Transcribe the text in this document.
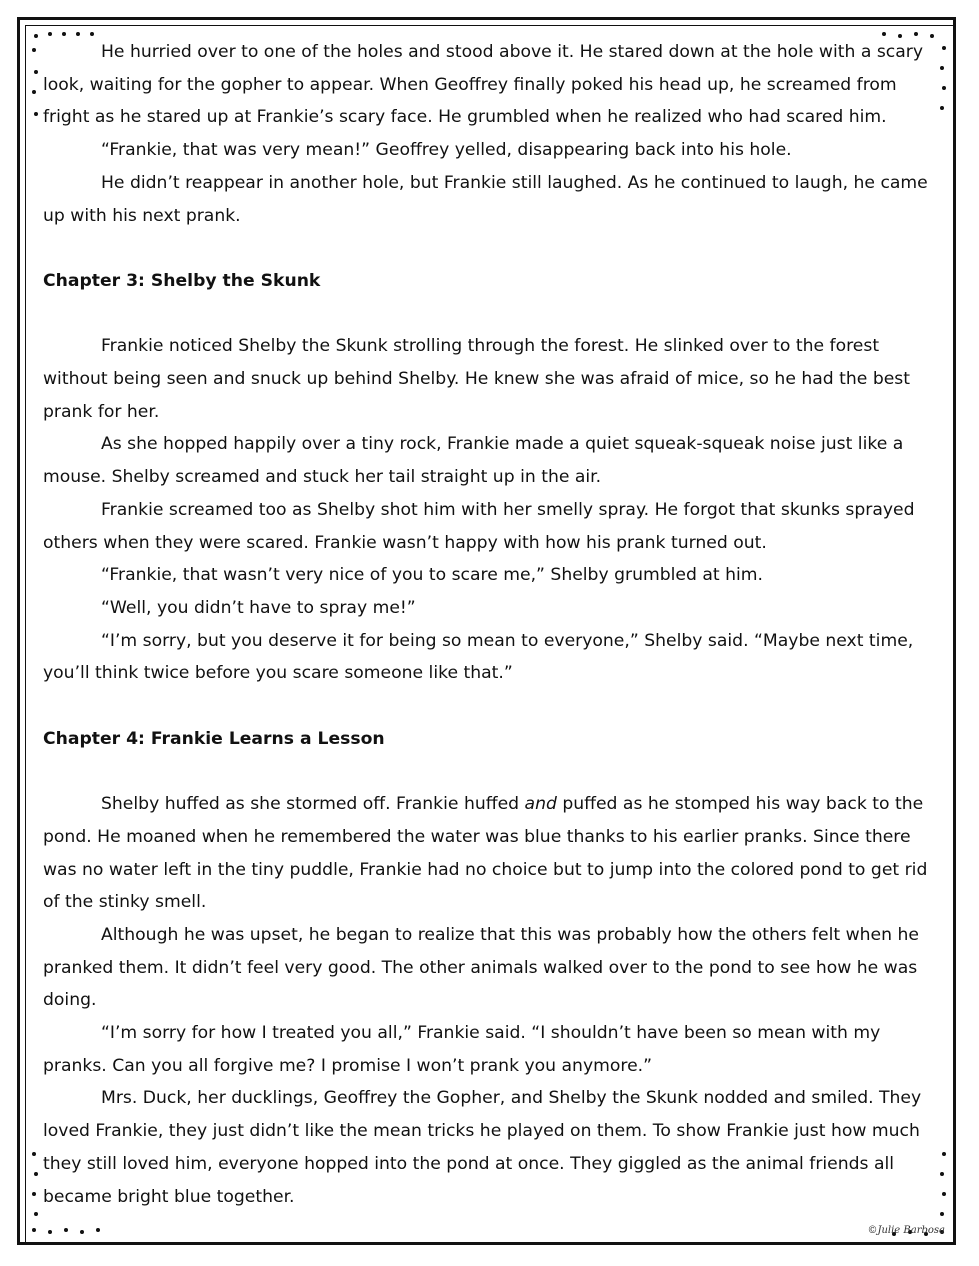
He hurried over to one of the holes and stood above it. He stared down at the hole with a scary look, waiting for the gopher to appear. When Geoffrey finally poked his head up, he screamed from fright as he stared up at Frankie’s scary face. He grumbled when he realized who had scared him.

“Frankie, that was very mean!” Geoffrey yelled, disappearing back into his hole.

He didn’t reappear in another hole, but Frankie still laughed. As he continued to laugh, he came up with his next prank.

Chapter 3: Shelby the Skunk

Frankie noticed Shelby the Skunk strolling through the forest. He slinked over to the forest without being seen and snuck up behind Shelby. He knew she was afraid of mice, so he had the best prank for her.

As she hopped happily over a tiny rock, Frankie made a quiet squeak-squeak noise just like a mouse. Shelby screamed and stuck her tail straight up in the air.

Frankie screamed too as Shelby shot him with her smelly spray. He forgot that skunks sprayed others when they were scared. Frankie wasn’t happy with how his prank turned out.

“Frankie, that wasn’t very nice of you to scare me,” Shelby grumbled at him.

“Well, you didn’t have to spray me!”

“I’m sorry, but you deserve it for being so mean to everyone,” Shelby said. “Maybe next time, you’ll think twice before you scare someone like that.”

Chapter 4: Frankie Learns a Lesson

Shelby huffed as she stormed off. Frankie huffed and puffed as he stomped his way back to the pond. He moaned when he remembered the water was blue thanks to his earlier pranks. Since there was no water left in the tiny puddle, Frankie had no choice but to jump into the colored pond to get rid of the stinky smell.

Although he was upset, he began to realize that this was probably how the others felt when he pranked them. It didn’t feel very good. The other animals walked over to the pond to see how he was doing.

“I’m sorry for how I treated you all,” Frankie said. “I shouldn’t have been so mean with my pranks. Can you all forgive me? I promise I won’t prank you anymore.”

Mrs. Duck, her ducklings, Geoffrey the Gopher, and Shelby the Skunk nodded and smiled. They loved Frankie, they just didn’t like the mean tricks he played on them. To show Frankie just how much they still loved him, everyone hopped into the pond at once. They giggled as the animal friends all became bright blue together.

©Julie Barbosa
